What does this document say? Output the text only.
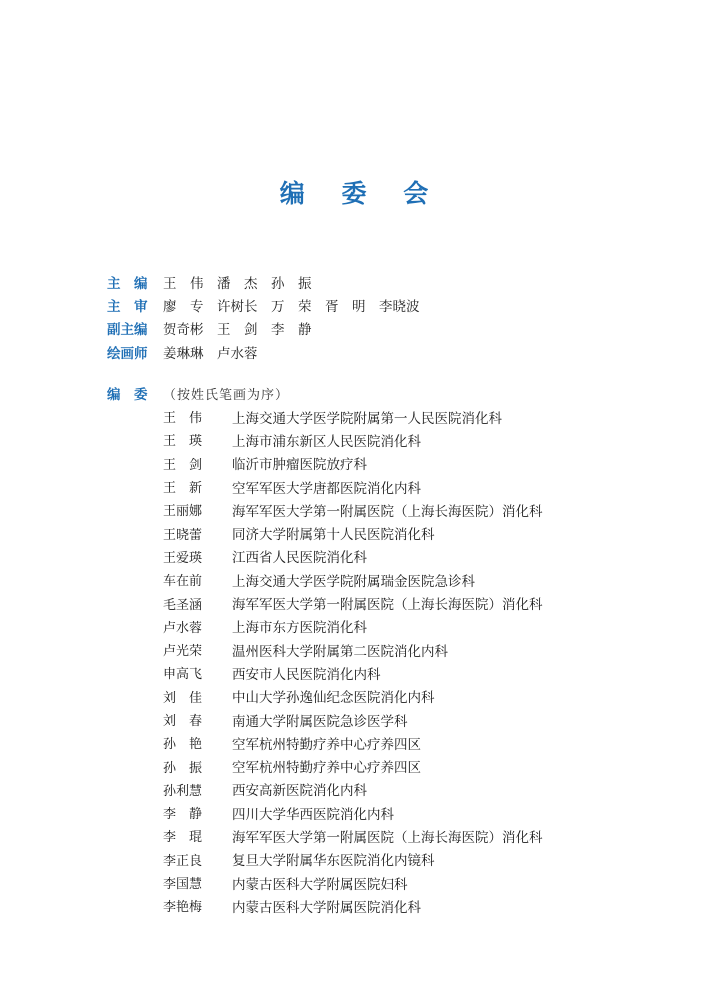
编 委 会
主　编	王　伟　潘　杰　孙　振
主　审	廖　专　许树长　万　荣　胥　明　李晓波
副主编	贺奇彬　王　剑　李　静
绘画师	姜琳琳　卢水蓉
编　委	（按姓氏笔画为序）
王　伟	上海交通大学医学院附属第一人民医院消化科
王　瑛	上海市浦东新区人民医院消化科
王　剑	临沂市肿瘤医院放疗科
王　新	空军军医大学唐都医院消化内科
王丽娜	海军军医大学第一附属医院（上海长海医院）消化科
王晓蕾	同济大学附属第十人民医院消化科
王爱瑛	江西省人民医院消化科
车在前	上海交通大学医学院附属瑞金医院急诊科
毛圣涵	海军军医大学第一附属医院（上海长海医院）消化科
卢水蓉	上海市东方医院消化科
卢光荣	温州医科大学附属第二医院消化内科
申高飞	西安市人民医院消化内科
刘　佳	中山大学孙逸仙纪念医院消化内科
刘　春	南通大学附属医院急诊医学科
孙　艳	空军杭州特勤疗养中心疗养四区
孙　振	空军杭州特勤疗养中心疗养四区
孙利慧	西安高新医院消化内科
李　静	四川大学华西医院消化内科
李　琨	海军军医大学第一附属医院（上海长海医院）消化科
李正良	复旦大学附属华东医院消化内镜科
李国慧	内蒙古医科大学附属医院妇科
李艳梅	内蒙古医科大学附属医院消化科
